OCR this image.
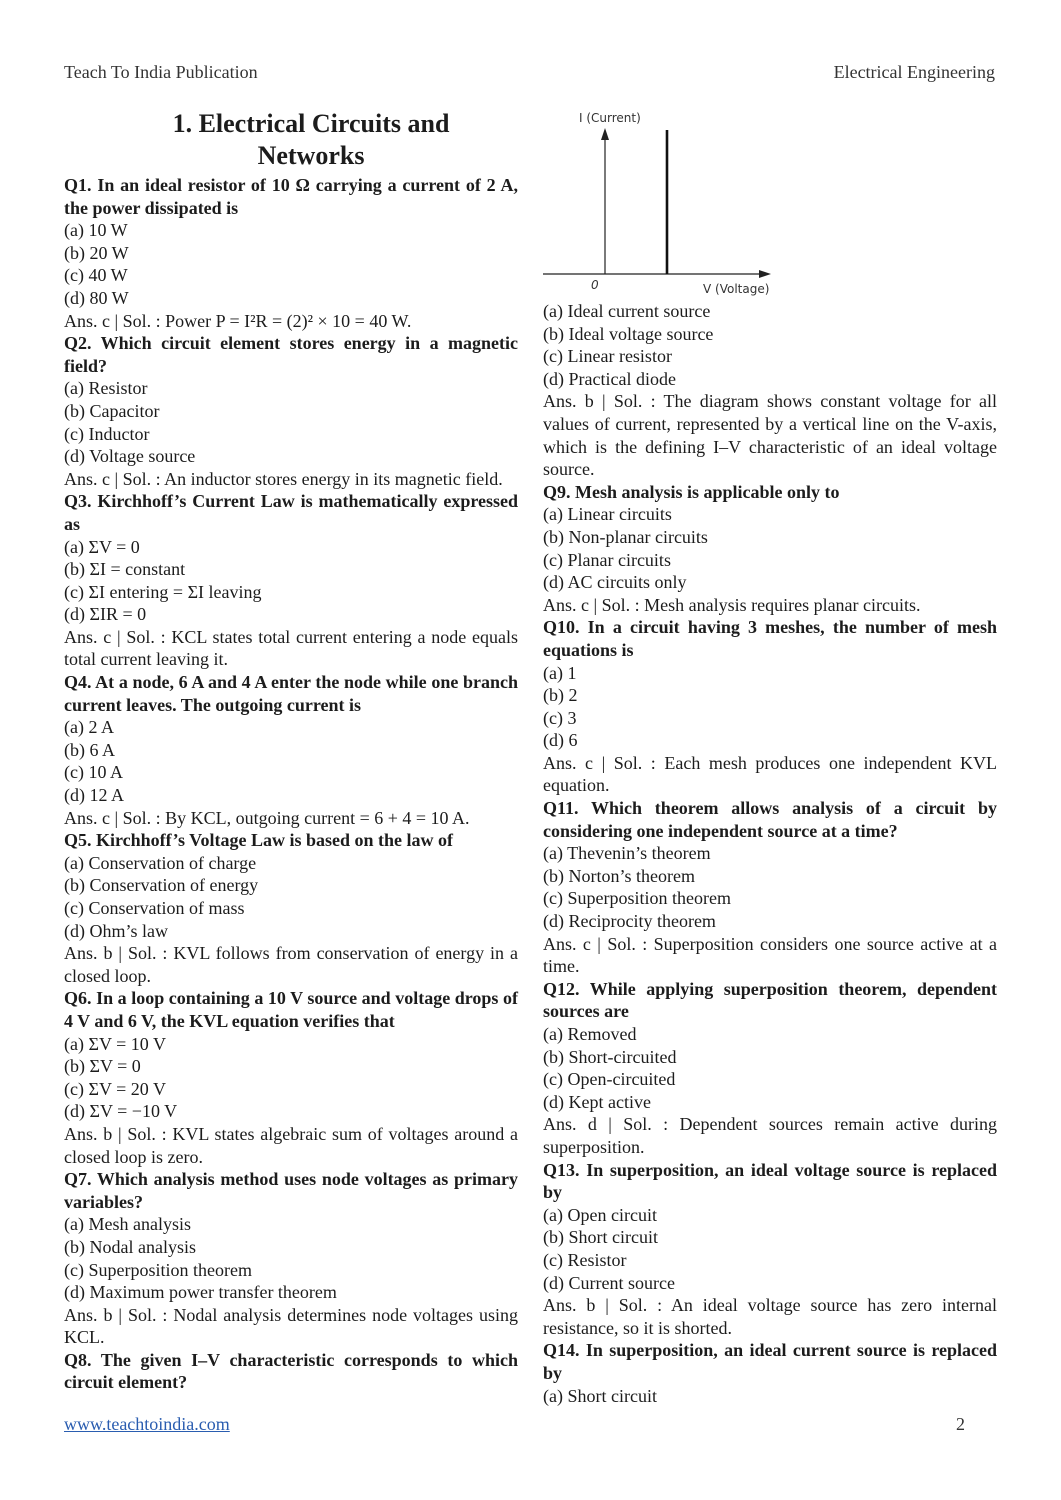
Teach To India Publication	Electrical Engineering
1. Electrical Circuits and
Networks
Q1. In an ideal resistor of 10 Ω carrying a current of 2 A, the power dissipated is
(a) 10 W
(b) 20 W
(c) 40 W
(d) 80 W
Ans. c | Sol. : Power P = I²R = (2)² × 10 = 40 W.
Q2. Which circuit element stores energy in a magnetic field?
(a) Resistor
(b) Capacitor
(c) Inductor
(d) Voltage source
Ans. c | Sol. : An inductor stores energy in its magnetic field.
Q3. Kirchhoff’s Current Law is mathematically expressed as
(a) ΣV = 0
(b) ΣI = constant
(c) ΣI entering = ΣI leaving
(d) ΣIR = 0
Ans. c | Sol. : KCL states total current entering a node equals total current leaving it.
Q4. At a node, 6 A and 4 A enter the node while one branch current leaves. The outgoing current is
(a) 2 A
(b) 6 A
(c) 10 A
(d) 12 A
Ans. c | Sol. : By KCL, outgoing current = 6 + 4 = 10 A.
Q5. Kirchhoff’s Voltage Law is based on the law of
(a) Conservation of charge
(b) Conservation of energy
(c) Conservation of mass
(d) Ohm’s law
Ans. b | Sol. : KVL follows from conservation of energy in a closed loop.
Q6. In a loop containing a 10 V source and voltage drops of 4 V and 6 V, the KVL equation verifies that
(a) ΣV = 10 V
(b) ΣV = 0
(c) ΣV = 20 V
(d) ΣV = −10 V
Ans. b | Sol. : KVL states algebraic sum of voltages around a closed loop is zero.
Q7. Which analysis method uses node voltages as primary variables?
(a) Mesh analysis
(b) Nodal analysis
(c) Superposition theorem
(d) Maximum power transfer theorem
Ans. b | Sol. : Nodal analysis determines node voltages using KCL.
Q8. The given I–V characteristic corresponds to which circuit element?
I (Current)
0	V (Voltage)
(a) Ideal current source
(b) Ideal voltage source
(c) Linear resistor
(d) Practical diode
Ans. b | Sol. : The diagram shows constant voltage for all values of current, represented by a vertical line on the V-axis, which is the defining I–V characteristic of an ideal voltage source.
Q9. Mesh analysis is applicable only to
(a) Linear circuits
(b) Non-planar circuits
(c) Planar circuits
(d) AC circuits only
Ans. c | Sol. : Mesh analysis requires planar circuits.
Q10. In a circuit having 3 meshes, the number of mesh equations is
(a) 1
(b) 2
(c) 3
(d) 6
Ans. c | Sol. : Each mesh produces one independent KVL equation.
Q11. Which theorem allows analysis of a circuit by considering one independent source at a time?
(a) Thevenin’s theorem
(b) Norton’s theorem
(c) Superposition theorem
(d) Reciprocity theorem
Ans. c | Sol. : Superposition considers one source active at a time.
Q12. While applying superposition theorem, dependent sources are
(a) Removed
(b) Short-circuited
(c) Open-circuited
(d) Kept active
Ans. d | Sol. : Dependent sources remain active during superposition.
Q13. In superposition, an ideal voltage source is replaced by
(a) Open circuit
(b) Short circuit
(c) Resistor
(d) Current source
Ans. b | Sol. : An ideal voltage source has zero internal resistance, so it is shorted.
Q14. In superposition, an ideal current source is replaced by
(a) Short circuit
www.teachtoindia.com	2
